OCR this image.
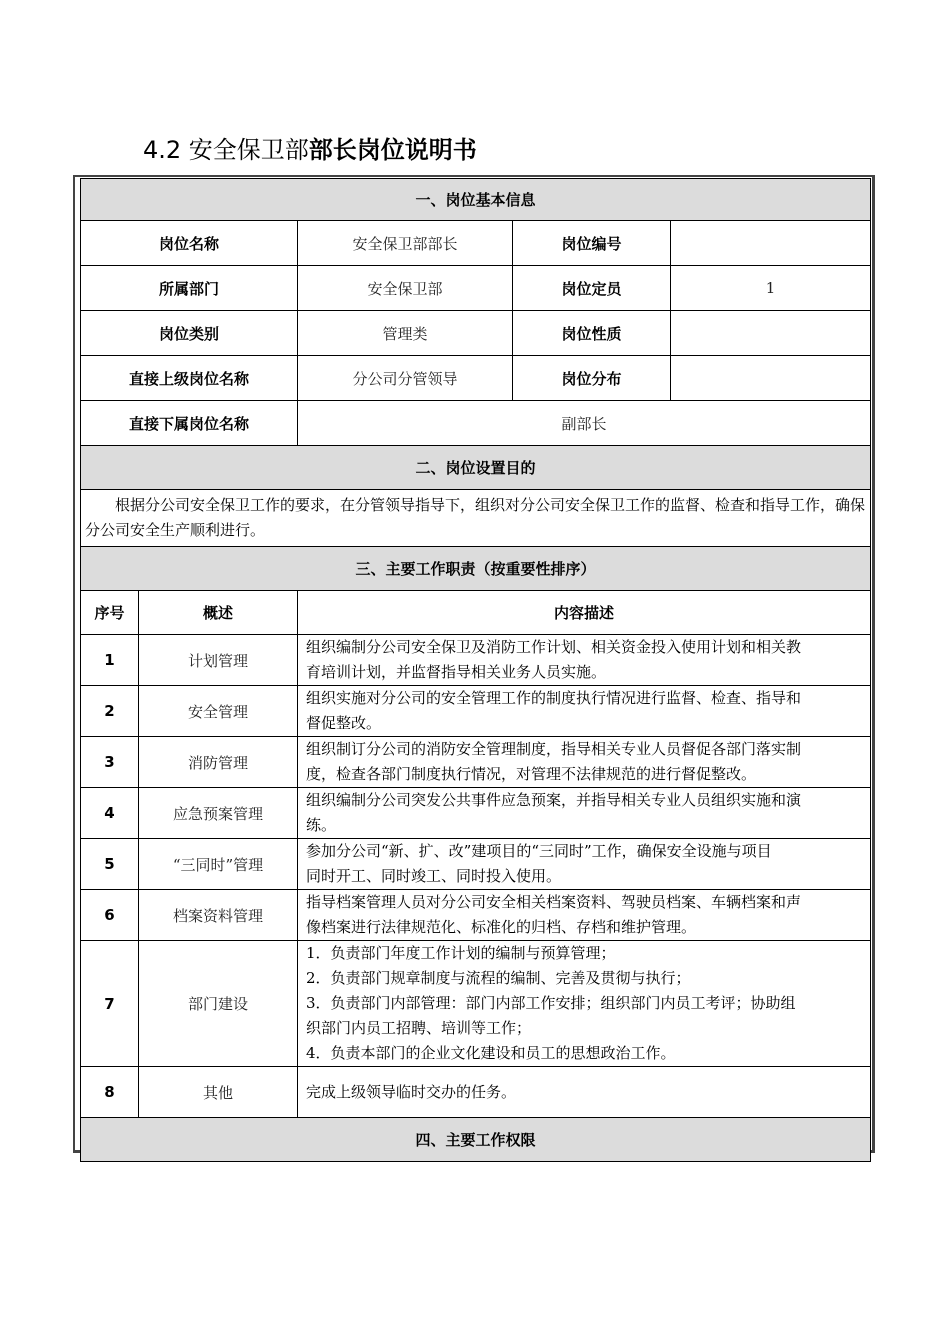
4.2 安全保卫部部长岗位说明书
一、岗位基本信息				
岗位名称		安全保卫部部长	岗位编号	
所属部门		安全保卫部	岗位定员	1
岗位类别		管理类	岗位性质	
直接上级岗位名称		分公司分管领导	岗位分布	
直接下属岗位名称		副部长		
二、岗位设置目的				
根据分公司安全保卫工作的要求，在分管领导指导下，组织对分公司安全保卫工作的监督、检查和指导工作，确保分公司安全生产顺利进行。				
三、主要工作职责（按重要性排序）				
序号	概述	内容描述		
1	计划管理	组织编制分公司安全保卫及消防工作计划、相关资金投入使用计划和相关教
育培训计划，并监督指导相关业务人员实施。		

2	安全管理	组织实施对分公司的安全管理工作的制度执行情况进行监督、检查、指导和
督促整改。		

3	消防管理	组织制订分公司的消防安全管理制度，指导相关专业人员督促各部门落实制
度，检查各部门制度执行情况，对管理不法律规范的进行督促整改。		

4	应急预案管理	组织编制分公司突发公共事件应急预案，并指导相关专业人员组织实施和演
练。		

5	“三同时”管理	参加分公司“新、扩、改”建项目的“三同时”工作，确保安全设施与项目
同时开工、同时竣工、同时投入使用。		

6	档案资料管理	指导档案管理人员对分公司安全相关档案资料、驾驶员档案、车辆档案和声
像档案进行法律规范化、标准化的归档、存档和维护管理。		

7	部门建设	1．负责部门年度工作计划的编制与预算管理；
2．负责部门规章制度与流程的编制、完善及贯彻与执行；
3．负责部门内部管理：部门内部工作安排；组织部门内员工考评；协助组
织部门内员工招聘、培训等工作；
4．负责本部门的企业文化建设和员工的思想政治工作。		

8	其他	完成上级领导临时交办的任务。		

四、主要工作权限				
